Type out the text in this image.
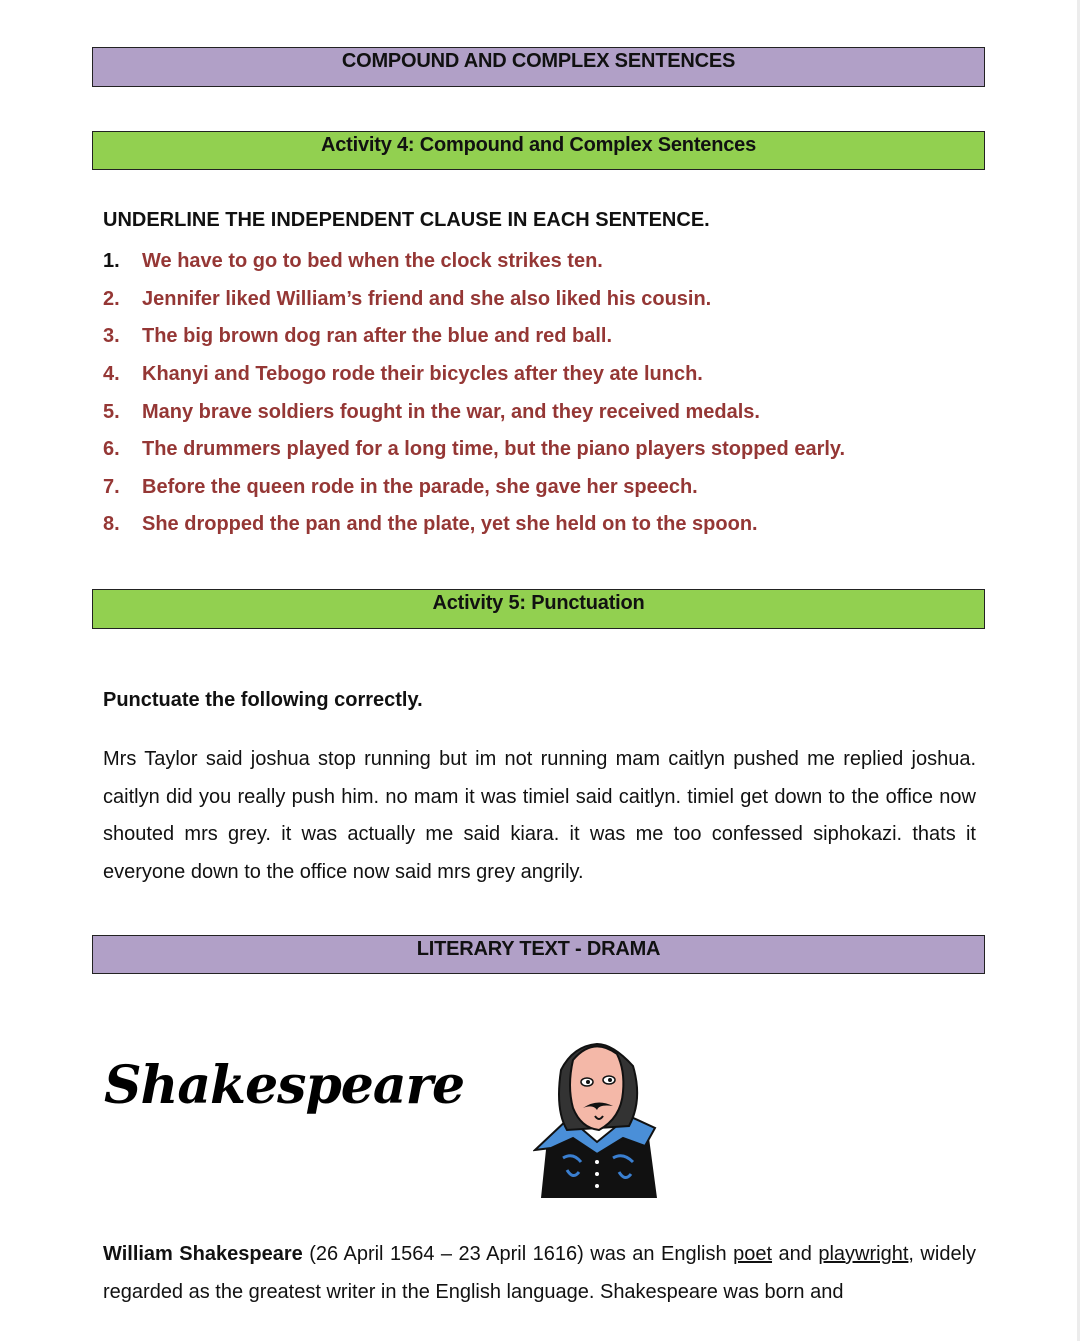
COMPOUND AND COMPLEX SENTENCES
Activity 4: Compound and Complex Sentences
UNDERLINE THE INDEPENDENT CLAUSE IN EACH SENTENCE.
1.	We have to go to bed when the clock strikes ten.
2.	Jennifer liked William’s friend and she also liked his cousin.
3.	The big brown dog ran after the blue and red ball.
4.	Khanyi and Tebogo rode their bicycles after they ate lunch.
5.	Many brave soldiers fought in the war, and they received medals.
6.	The drummers played for a long time, but the piano players stopped early.
7.	Before the queen rode in the parade, she gave her speech.
8.	She dropped the pan and the plate, yet she held on to the spoon.
Activity 5: Punctuation
Punctuate the following correctly.
Mrs Taylor said joshua stop running but im not running mam caitlyn pushed me replied joshua. caitlyn did you really push him. no mam it was timiel said caitlyn. timiel get down to the office now shouted mrs grey. it was actually me said kiara. it was me too confessed siphokazi. thats it everyone down to the office now said mrs grey angrily.
LITERARY TEXT - DRAMA
Shakespeare
William Shakespeare (26 April 1564 – 23 April 1616) was an English poet and playwright, widely regarded as the greatest writer in the English language. Shakespeare was born and
